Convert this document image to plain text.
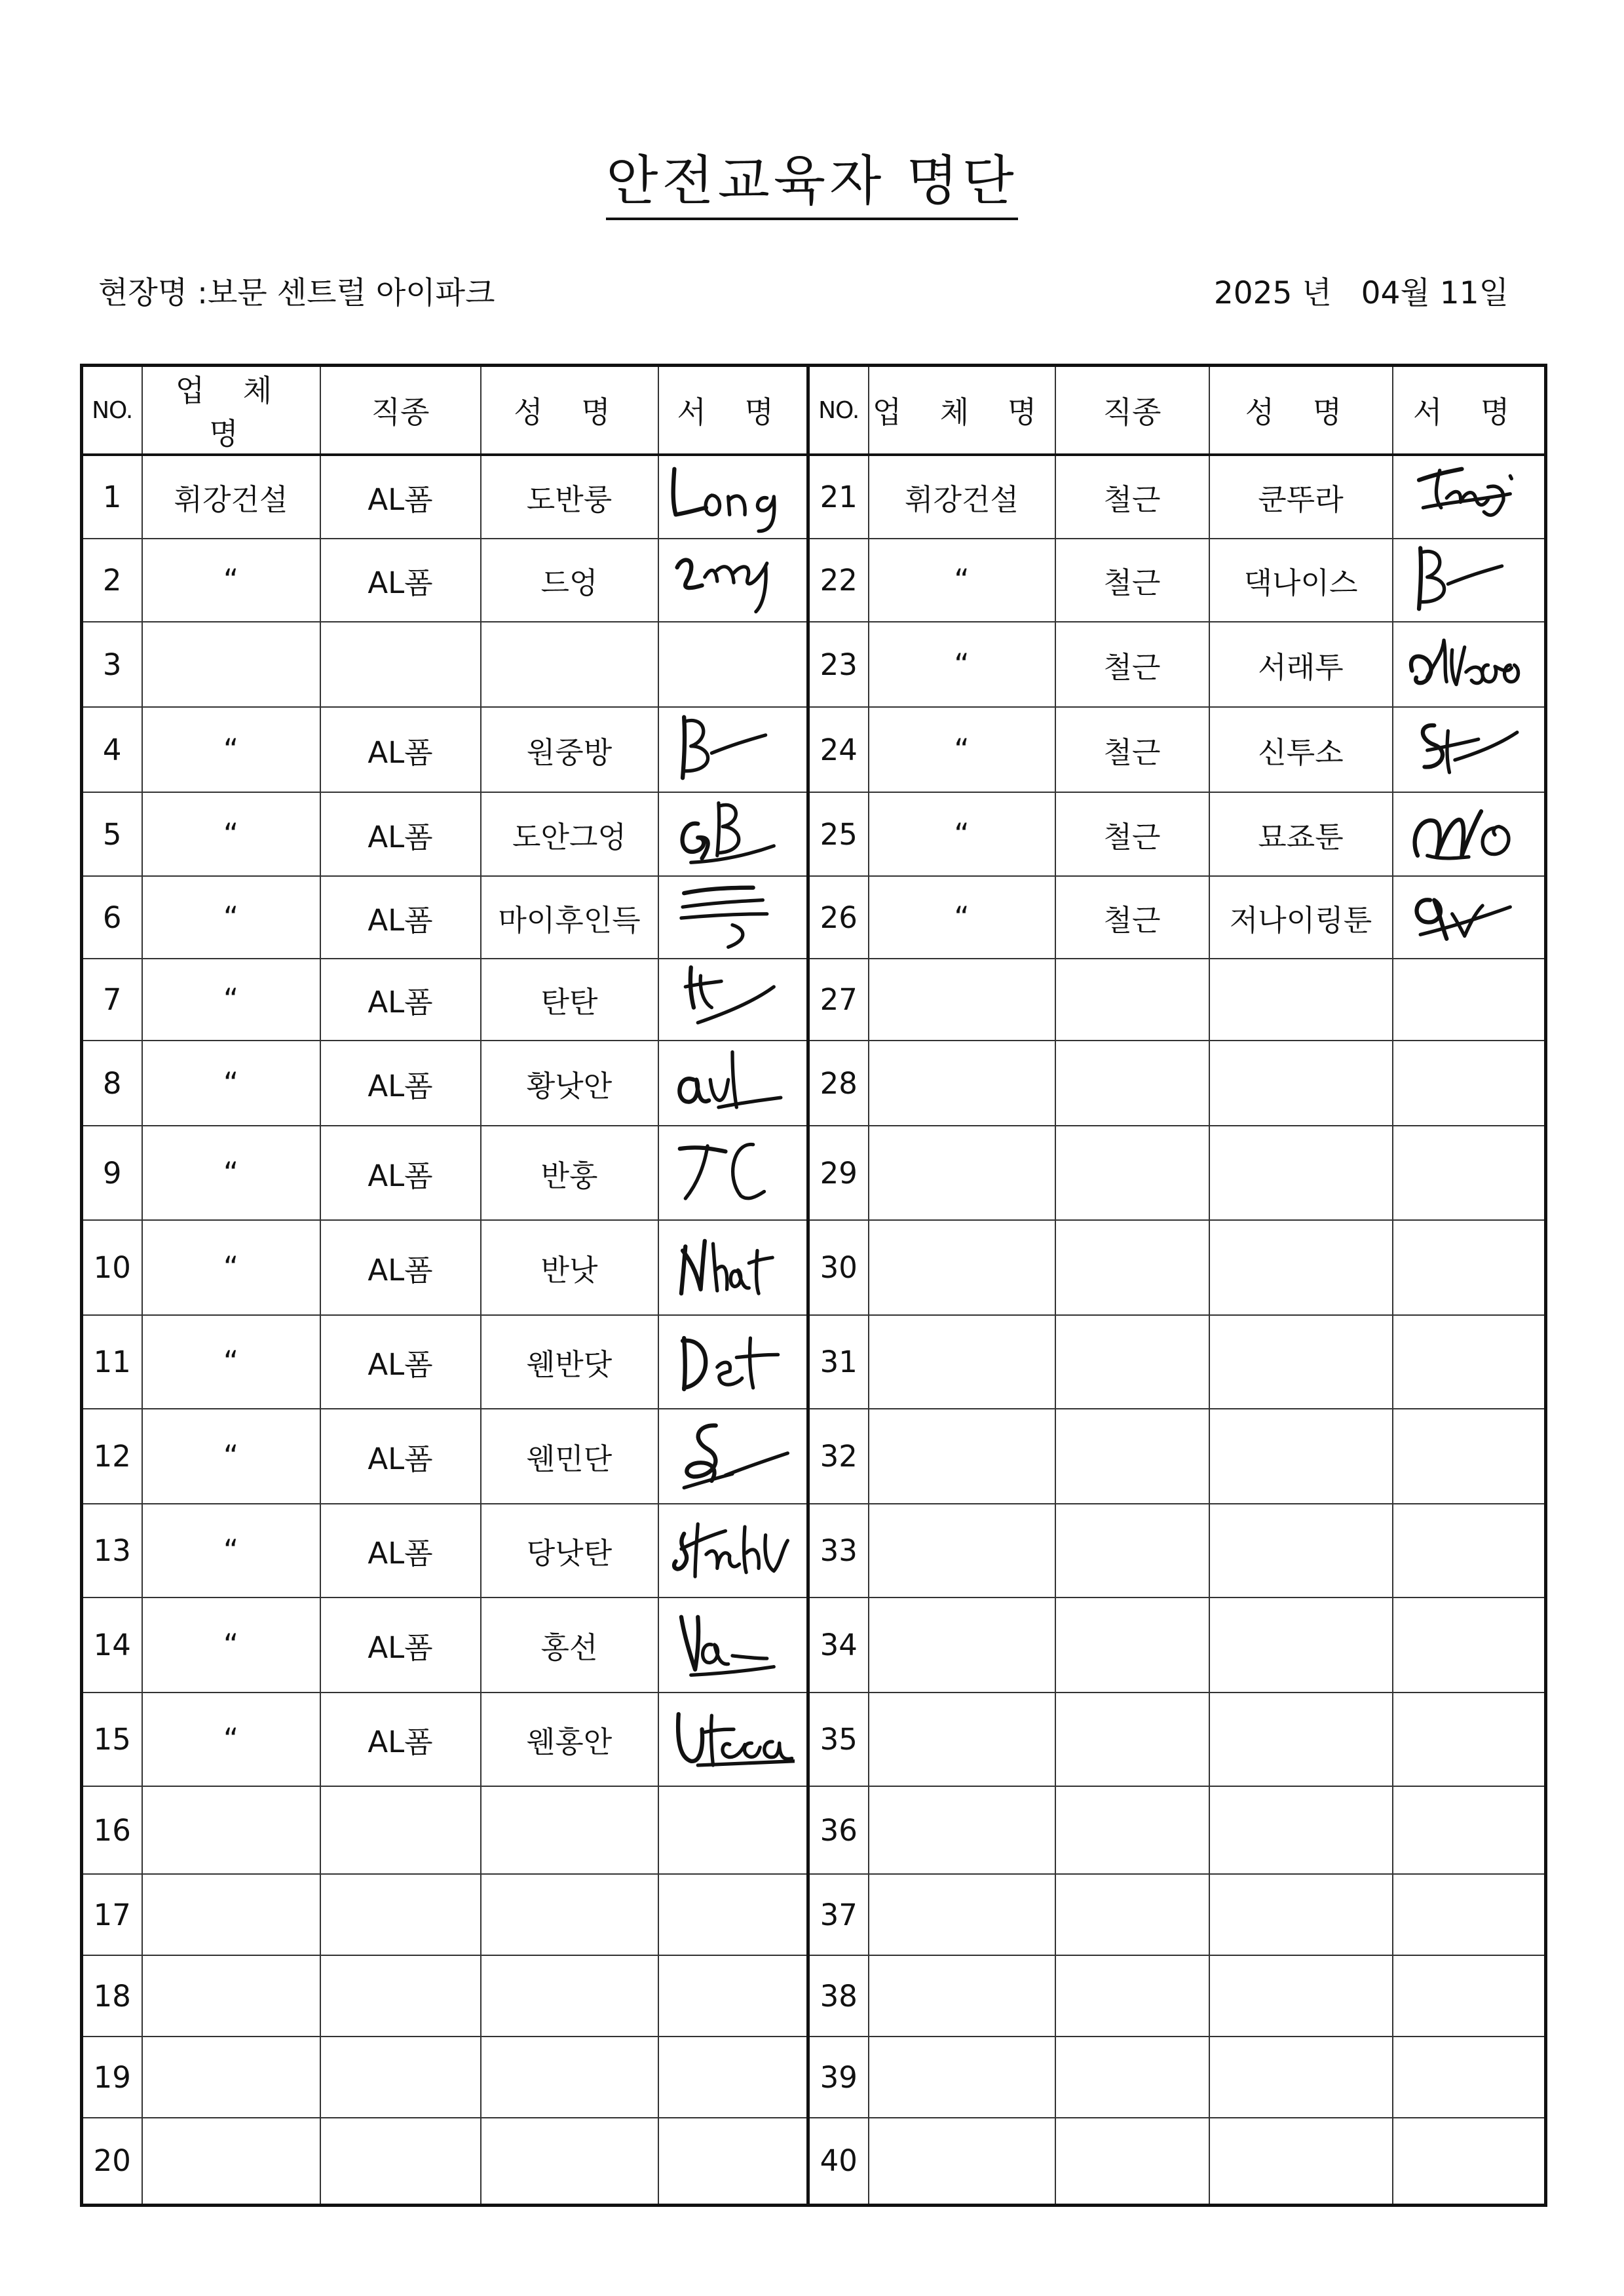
안전교육자 명단
현장명 :보문 센트럴 아이파크	2025 년 04월 11일
NO.	업 체 명	직종	성 명	서 명	NO.	업 체 명	직종	성 명	서 명
1	휘강건설	AL폼	도반룽		21	휘강건설	철근	쿤뚜라	

2	“	AL폼	드엉		22	“	철근	댁나이스	

3					23	“	철근	서래투	

4	“	AL폼	원중방		24	“	철근	신투소	

5	“	AL폼	도안그엉		25	“	철근	묘죠툰	

6	“	AL폼	마이후인득		26	“	철근	저나이링툰	

7	“	AL폼	탄탄		27				
8	“	AL폼	황낫안		28				
9	“	AL폼	반훙		29				
10	“	AL폼	반낫		30				
11	“	AL폼	웬반닷		31				
12	“	AL폼	웬민단		32				
13	“	AL폼	당낫탄		33				
14	“	AL폼	홍선		34				
15	“	AL폼	웬홍안		35				
16					36				
17					37				
18					38				
19					39				
20					40				
